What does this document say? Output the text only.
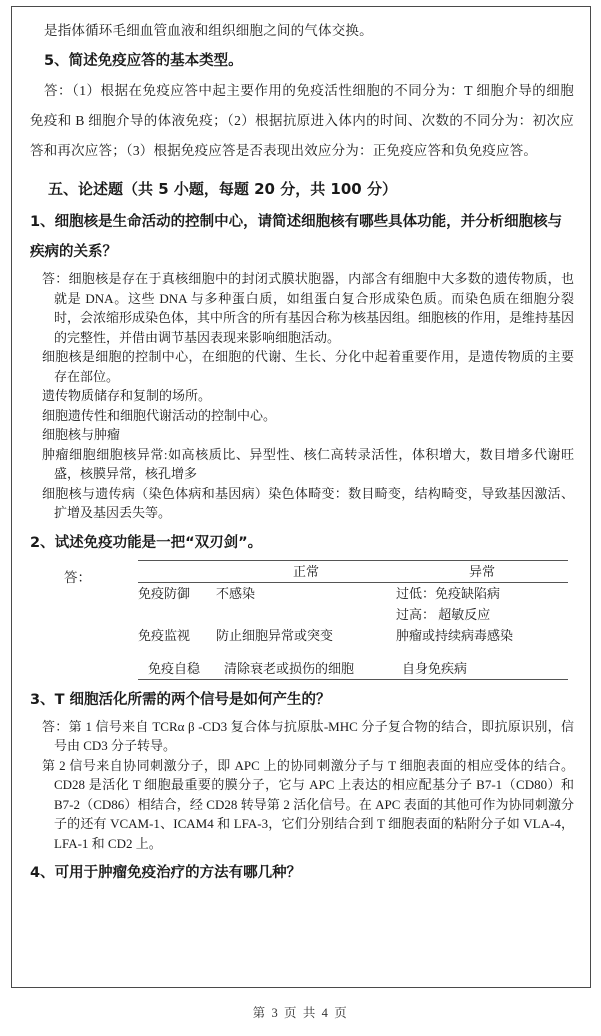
是指体循环毛细血管血液和组织细胞之间的气体交换。
5、简述免疫应答的基本类型。
答：（1）根据在免疫应答中起主要作用的免疫活性细胞的不同分为：T 细胞介导的细胞免疫和 B 细胞介导的体液免疫；（2）根据抗原进入体内的时间、次数的不同分为：初次应答和再次应答；（3）根据免疫应答是否表现出效应分为：正免疫应答和负免疫应答。
五、论述题（共 5 小题，每题 20 分，共 100 分）
1、细胞核是生命活动的控制中心，请简述细胞核有哪些具体功能，并分析细胞核与疾病的关系？
答：细胞核是存在于真核细胞中的封闭式膜状胞器，内部含有细胞中大多数的遗传物质，也就是 DNA。这些 DNA 与多种蛋白质，如组蛋白复合形成染色质。而染色质在细胞分裂时，会浓缩形成染色体，其中所含的所有基因合称为核基因组。细胞核的作用，是维持基因的完整性，并借由调节基因表现来影响细胞活动。
细胞核是细胞的控制中心，在细胞的代谢、生长、分化中起着重要作用，是遗传物质的主要存在部位。
遗传物质储存和复制的场所。
细胞遗传性和细胞代谢活动的控制中心。
细胞核与肿瘤
肿瘤细胞细胞核异常:如高核质比、异型性、核仁高转录活性，体积增大，数目增多代谢旺盛，核膜异常，核孔增多
细胞核与遗传病（染色体病和基因病）染色体畸变：数目畸变，结构畸变，导致基因激活、扩增及基因丢失等。
2、试述免疫功能是一把“双刃剑”。
答：
		正常	异常
免疫防御	不感染	过低：免疫缺陷病
		过高： 超敏反应
免疫监视	防止细胞异常或突变	肿瘤或持续病毒感染

免疫自稳	清除衰老或损伤的细胞	自身免疾病

3、T 细胞活化所需的两个信号是如何产生的？
答：第 1 信号来自 TCRα β -CD3 复合体与抗原肽-MHC 分子复合物的结合，即抗原识别，信号由 CD3 分子转导。
第 2 信号来自协同刺激分子，即 APC 上的协同刺激分子与 T 细胞表面的相应受体的结合。CD28 是活化 T 细胞最重要的膜分子，它与 APC 上表达的相应配基分子 B7-1（CD80）和 B7-2（CD86）相结合，经 CD28 转导第 2 活化信号。在 APC 表面的其他可作为协同刺激分子的还有 VCAM-1、ICAM4 和 LFA-3，它们分别结合到 T 细胞表面的粘附分子如 VLA-4，LFA-1 和 CD2 上。
4、可用于肿瘤免疫治疗的方法有哪几种？
第 3 页 共 4 页
